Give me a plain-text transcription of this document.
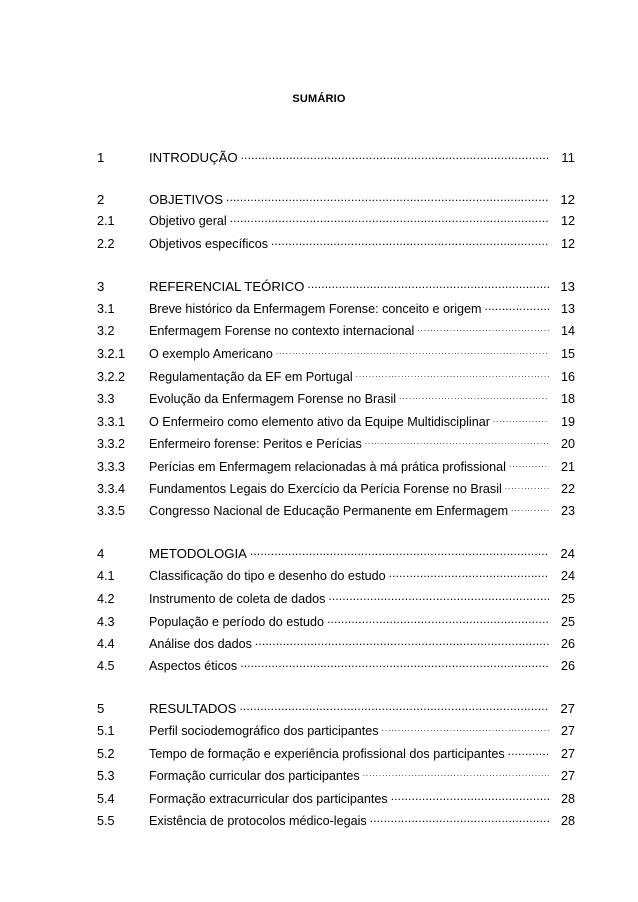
SUMÁRIO
1	INTRODUÇÃO . . .	11
2	OBJETIVOS . . .	12
2.1	Objetivo geral . . .	12
2.2	Objetivos específicos . . .	12
3	REFERENCIAL TEÓRICO . . .	13
3.1	Breve histórico da Enfermagem Forense: conceito e origem . . .	13
3.2	Enfermagem Forense no contexto internacional . . .	14
3.2.1	O exemplo Americano . . .	15
3.2.2	Regulamentação da EF em Portugal . . .	16
3.3	Evolução da Enfermagem Forense no Brasil . . .	18
3.3.1	O Enfermeiro como elemento ativo da Equipe Multidisciplinar . . .	19
3.3.2	Enfermeiro forense: Peritos e Perícias . . .	20
3.3.3	Perícias em Enfermagem relacionadas à má prática profissional . . .	21
3.3.4	Fundamentos Legais do Exercício da Perícia Forense no Brasil . . .	22
3.3.5	Congresso Nacional de Educação Permanente em Enfermagem . . .	23
4	METODOLOGIA . . .	24
4.1	Classificação do tipo e desenho do estudo . . .	24
4.2	Instrumento de coleta de dados . . .	25
4.3	População e período do estudo . . .	25
4.4	Análise dos dados . . .	26
4.5	Aspectos éticos . . .	26
5	RESULTADOS . . .	27
5.1	Perfil sociodemográfico dos participantes . . .	27
5.2	Tempo de formação e experiência profissional dos participantes . . .	27
5.3	Formação curricular dos participantes . . .	27
5.4	Formação extracurricular dos participantes . . .	28
5.5	Existência de protocolos médico-legais . . .	28
